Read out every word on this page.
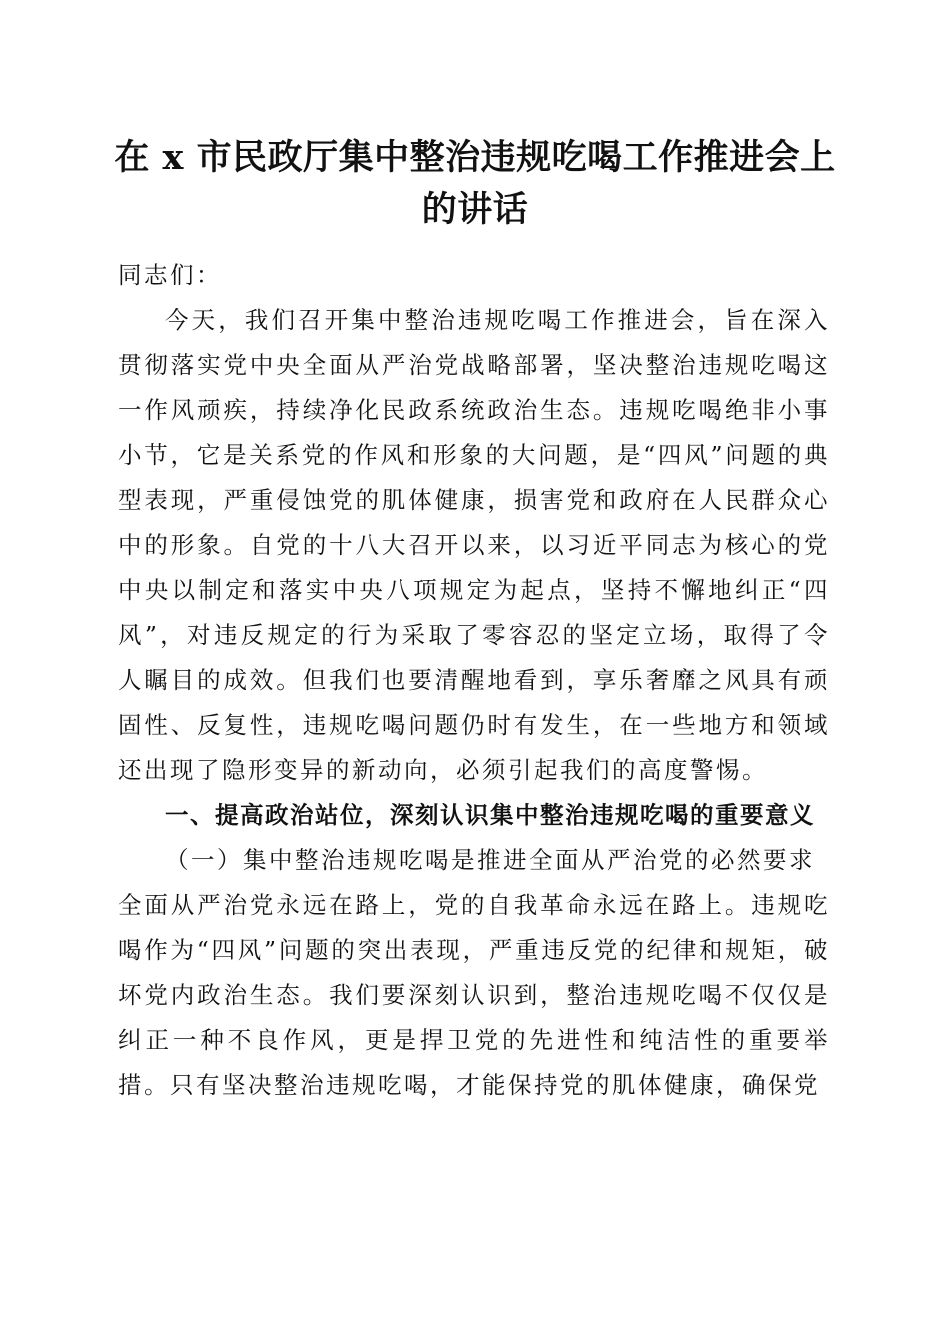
在 x 市民政厅集中整治违规吃喝工作推进会上的讲话

同志们：

今天，我们召开集中整治违规吃喝工作推进会，旨在深入贯彻落实党中央全面从严治党战略部署，坚决整治违规吃喝这一作风顽疾，持续净化民政系统政治生态。违规吃喝绝非小事小节，它是关系党的作风和形象的大问题，是“四风”问题的典型表现，严重侵蚀党的肌体健康，损害党和政府在人民群众心中的形象。自党的十八大召开以来，以习近平同志为核心的党中央以制定和落实中央八项规定为起点，坚持不懈地纠正“四风”，对违反规定的行为采取了零容忍的坚定立场，取得了令人瞩目的成效。但我们也要清醒地看到，享乐奢靡之风具有顽固性、反复性，违规吃喝问题仍时有发生，在一些地方和领域还出现了隐形变异的新动向，必须引起我们的高度警惕。

一、提高政治站位，深刻认识集中整治违规吃喝的重要意义

（一）集中整治违规吃喝是推进全面从严治党的必然要求

全面从严治党永远在路上，党的自我革命永远在路上。违规吃喝作为“四风”问题的突出表现，严重违反党的纪律和规矩，破坏党内政治生态。我们要深刻认识到，整治违规吃喝不仅仅是纠正一种不良作风，更是捍卫党的先进性和纯洁性的重要举措。只有坚决整治违规吃喝，才能保持党的肌体健康，确保党
